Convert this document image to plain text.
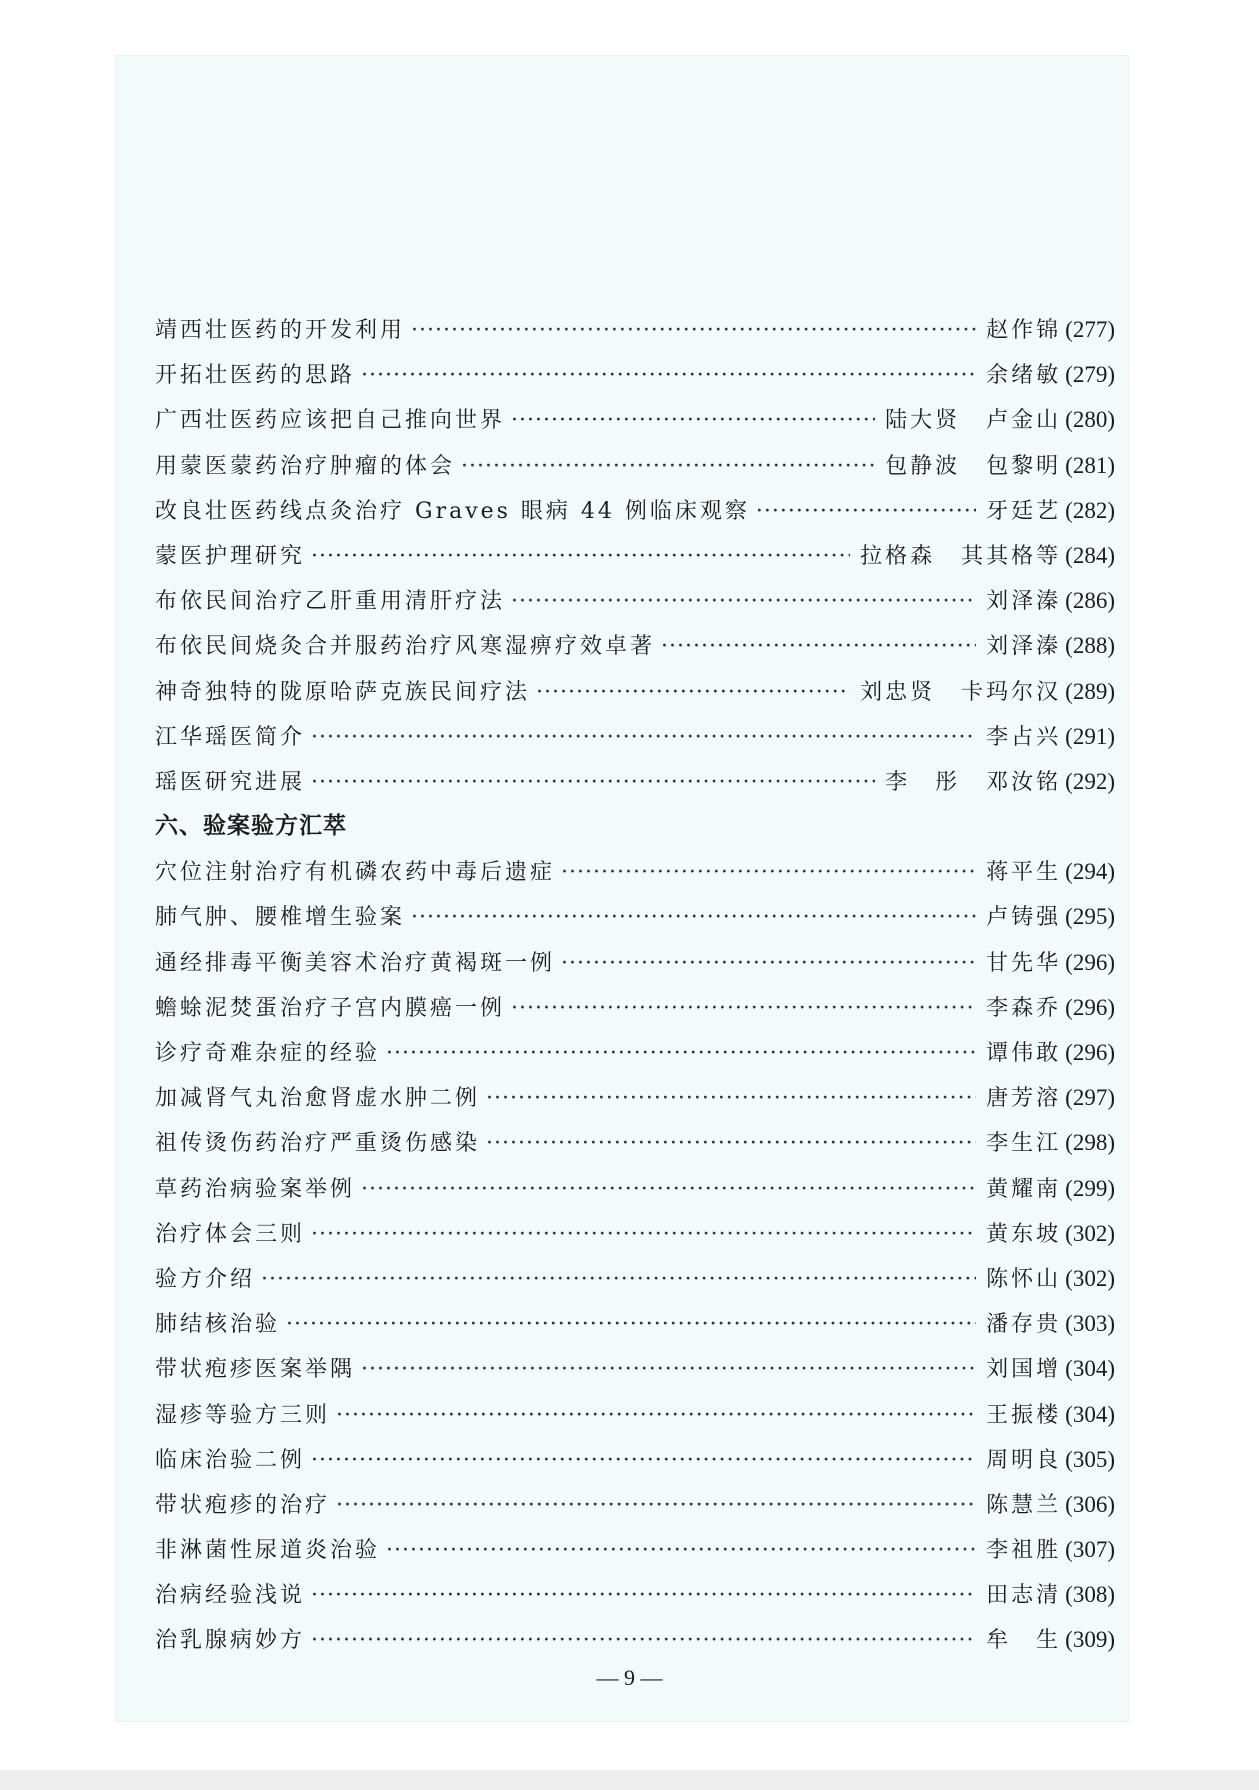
靖西壮医药的开发利用 ·····	赵作锦 (277)
开拓壮医药的思路 ·····	余绪敏 (279)
广西壮医药应该把自己推向世界 ·····	陆大贤 卢金山 (280)
用蒙医蒙药治疗肿瘤的体会 ·····	包静波 包黎明 (281)
改良壮医药线点灸治疗 Graves 眼病 44 例临床观察 ·····	牙廷艺 (282)
蒙医护理研究 ·····	拉格森 其其格等 (284)
布依民间治疗乙肝重用清肝疗法 ·····	刘泽溱 (286)
布依民间烧灸合并服药治疗风寒湿痹疗效卓著 ·····	刘泽溱 (288)
神奇独特的陇原哈萨克族民间疗法 ·····	刘忠贤 卡玛尔汉 (289)
江华瑶医简介 ·····	李占兴 (291)
瑶医研究进展 ·····	李　彤 邓汝铭 (292)
六、验案验方汇萃
穴位注射治疗有机磷农药中毒后遗症 ·····	蒋平生 (294)
肺气肿、腰椎增生验案 ·····	卢铸强 (295)
通经排毒平衡美容术治疗黄褐斑一例 ·····	甘先华 (296)
蟾蜍泥焚蛋治疗子宫内膜癌一例 ·····	李森乔 (296)
诊疗奇难杂症的经验 ·····	谭伟敢 (296)
加减肾气丸治愈肾虚水肿二例 ·····	唐芳溶 (297)
祖传烫伤药治疗严重烫伤感染 ·····	李生江 (298)
草药治病验案举例 ·····	黄耀南 (299)
治疗体会三则 ·····	黄东坡 (302)
验方介绍 ·····	陈怀山 (302)
肺结核治验 ·····	潘存贵 (303)
带状疱疹医案举隅 ·····	刘国增 (304)
湿疹等验方三则 ·····	王振楼 (304)
临床治验二例 ·····	周明良 (305)
带状疱疹的治疗 ·····	陈慧兰 (306)
非淋菌性尿道炎治验 ·····	李祖胜 (307)
治病经验浅说 ·····	田志清 (308)
治乳腺病妙方 ·····	牟　生 (309)
— 9 —
